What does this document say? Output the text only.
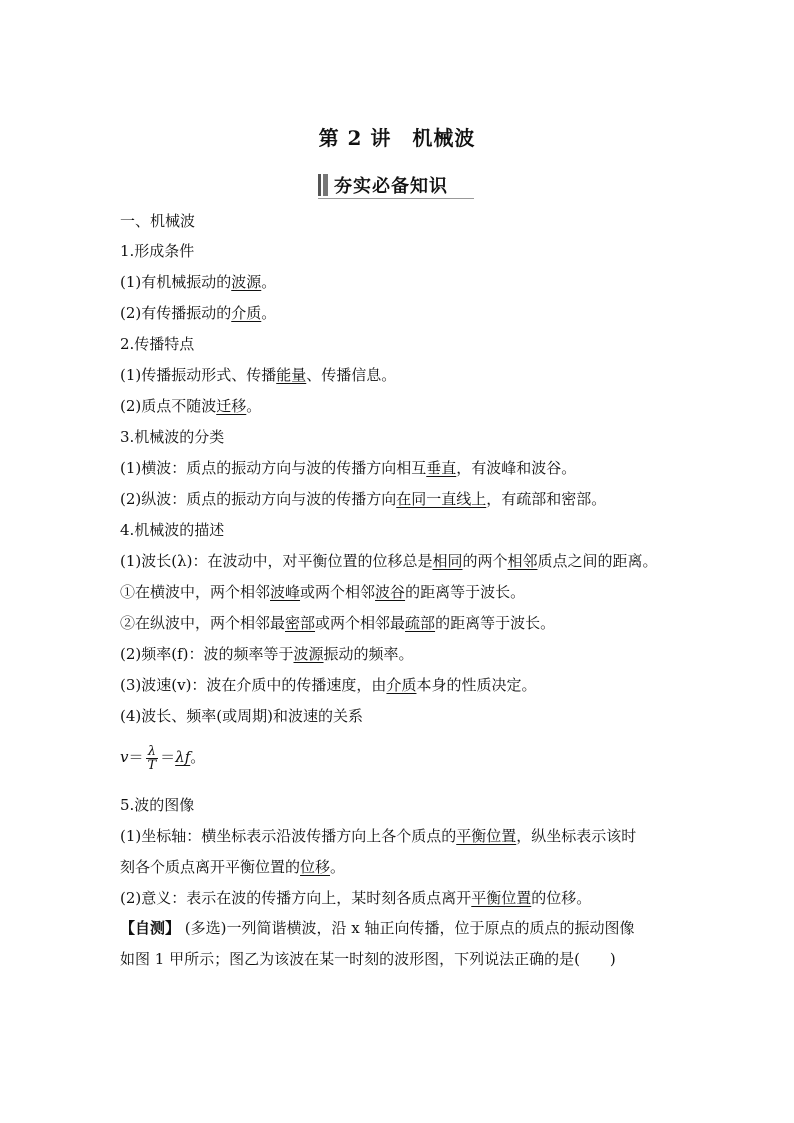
第 2 讲　机械波
夯实必备知识
一、机械波
1.形成条件
(1)有机械振动的波源。
(2)有传播振动的介质。
2.传播特点
(1)传播振动形式、传播能量、传播信息。
(2)质点不随波迁移。
3.机械波的分类
(1)横波：质点的振动方向与波的传播方向相互垂直，有波峰和波谷。
(2)纵波：质点的振动方向与波的传播方向在同一直线上，有疏部和密部。
4.机械波的描述
(1)波长(λ)：在波动中，对平衡位置的位移总是相同的两个相邻质点之间的距离。
①在横波中，两个相邻波峰或两个相邻波谷的距离等于波长。
②在纵波中，两个相邻最密部或两个相邻最疏部的距离等于波长。
(2)频率(f)：波的频率等于波源振动的频率。
(3)波速(v)：波在介质中的传播速度，由介质本身的性质决定。
(4)波长、频率(或周期)和波速的关系
$v= \frac{\lambda}{T} =\lambda f$。
5.波的图像
(1)坐标轴：横坐标表示沿波传播方向上各个质点的平衡位置，纵坐标表示该时
刻各个质点离开平衡位置的位移。
(2)意义：表示在波的传播方向上，某时刻各质点离开平衡位置的位移。
【自测】 (多选)一列简谐横波，沿 x 轴正向传播，位于原点的质点的振动图像
如图 1 甲所示；图乙为该波在某一时刻的波形图，下列说法正确的是(　　)
